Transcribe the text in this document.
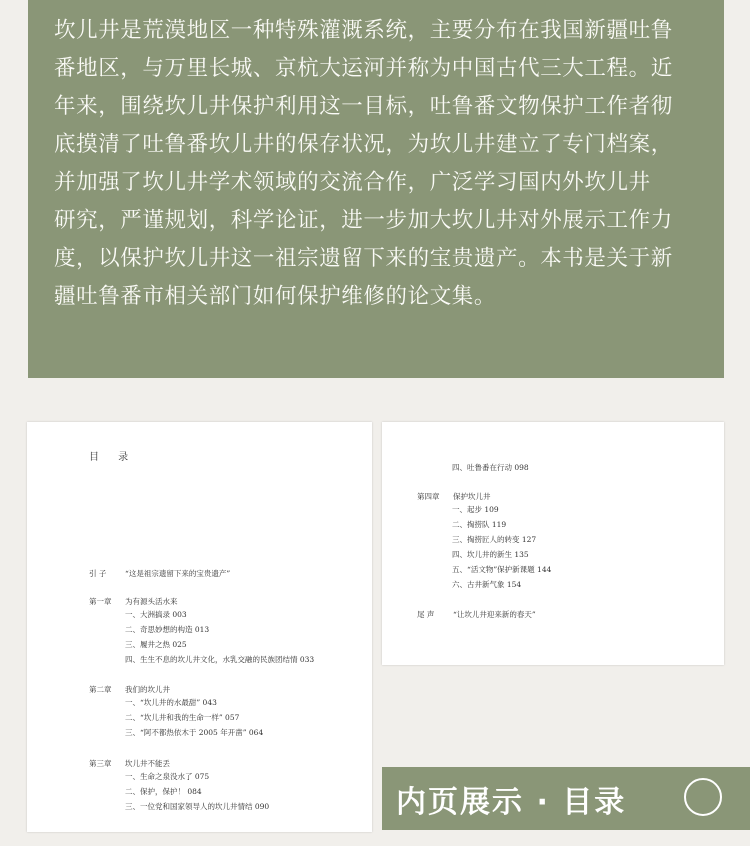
坎儿井是荒漠地区一种特殊灌溉系统，主要分布在我国新疆吐鲁

番地区，与万里长城、京杭大运河并称为中国古代三大工程。近

年来，围绕坎儿井保护利用这一目标，吐鲁番文物保护工作者彻

底摸清了吐鲁番坎儿井的保存状况，为坎儿井建立了专门档案，

并加强了坎儿井学术领域的交流合作，广泛学习国内外坎儿井

研究，严谨规划，科学论证，进一步加大坎儿井对外展示工作力

度，以保护坎儿井这一祖宗遗留下来的宝贵遗产。本书是关于新

疆吐鲁番市相关部门如何保护维修的论文集。

目 录
引 子 “这是祖宗遗留下来的宝贵遗产”
第一章 为有源头活水来
一、大洲搞录 003
二、奇思妙想的构造 013
三、履井之热 025
四、生生不息的坎儿井文化，水乳交融的民族团结情 033
第二章 我们的坎儿井
一、“坎儿井的水最甜” 043
二、“坎儿井和我的生命一样” 057
三、“阿不都热依木于 2005 年开凿” 064
第三章 坎儿井不能丢
一、生命之泉没水了 075
二、保护，保护！ 084
三、一位党和国家领导人的坎儿井情结 090
四、吐鲁番在行动 098
第四章 保护坎儿井
一、起步 109
二、掏捞队 119
三、掏捞匠人的转变 127
四、坎儿井的新生 135
五、“活文物”保护新课题 144
六、古井新气象 154
尾 声 “让坎儿井迎来新的春天”
内页展示 · 目录
